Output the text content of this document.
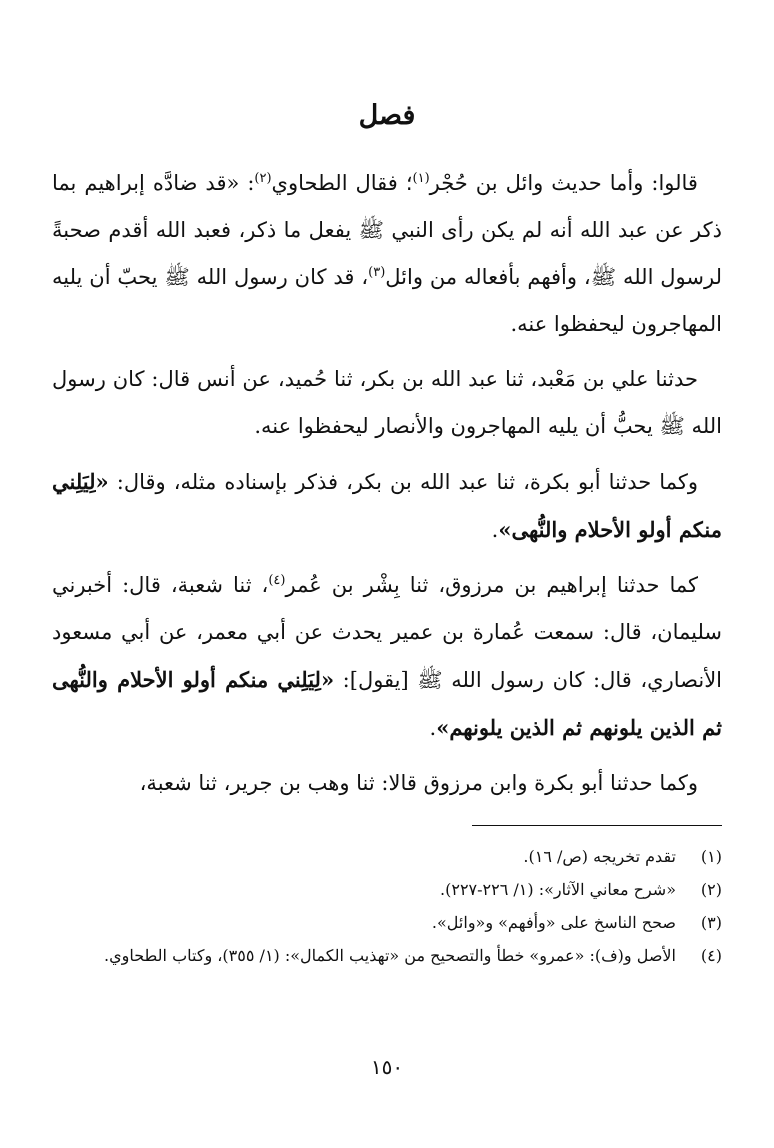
فصل

قالوا: وأما حديث وائل بن حُجْر$^{(١)}$؛ فقال الطحاوي$^{(٢)}$: «قد ضادَّه إبراهيم بما ذكر عن عبد الله أنه لم يكن رأى النبي ﷺ يفعل ما ذكر، فعبد الله أقدم صحبةً لرسول الله ﷺ، وأفهم بأفعاله من وائل$^{(٣)}$، قد كان رسول الله ﷺ يحبّ أن يليه المهاجرون ليحفظوا عنه.

حدثنا علي بن مَعْبد، ثنا عبد الله بن بكر، ثنا حُميد، عن أنس قال: كان رسول الله ﷺ يحبُّ أن يليه المهاجرون والأنصار ليحفظوا عنه.

وكما حدثنا أبو بكرة، ثنا عبد الله بن بكر، فذكر بإسناده مثله، وقال: «لِيَلِني منكم أولو الأحلام والنُّهى».

كما حدثنا إبراهيم بن مرزوق، ثنا بِشْر بن عُمر$^{(٤)}$، ثنا شعبة، قال: أخبرني سليمان، قال: سمعت عُمارة بن عمير يحدث عن أبي معمر، عن أبي مسعود الأنصاري، قال: كان رسول الله ﷺ [يقول]: «لِيَلِني منكم أولو الأحلام والنُّهى ثم الذين يلونهم ثم الذين يلونهم».

وكما حدثنا أبو بكرة وابن مرزوق قالا: ثنا وهب بن جرير، ثنا شعبة،

(١)
تقدم تخريجه (ص/ ١٦).
(٢)
«شرح معاني الآثار»: (١/ ٢٢٦-٢٢٧).
(٣)
صحح الناسخ على «وأفهم» و«وائل».
(٤)
الأصل و(ف): «عمرو» خطأ والتصحيح من «تهذيب الكمال»: (١/ ٣٥٥)، وكتاب الطحاوي.
١٥٠
